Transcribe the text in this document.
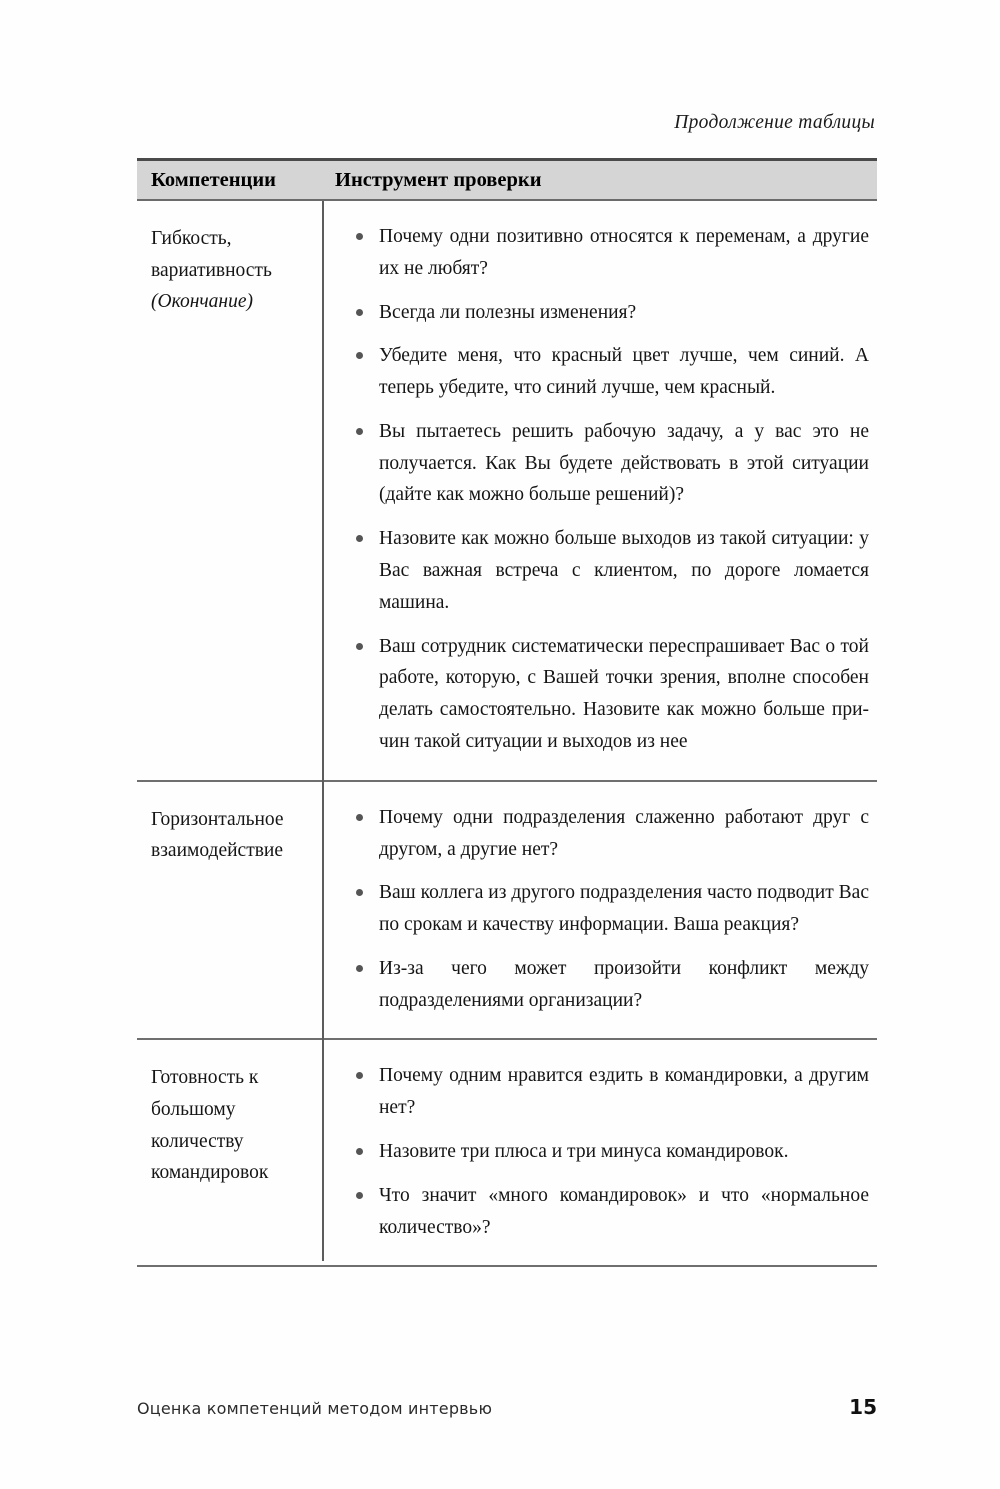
Продолжение таблицы
Компетенции	Инструмент проверки
Гибкость, вариативность
(Окончание)
Почему одни позитивно относятся к переменам, а другие их не любят?
Всегда ли полезны изменения?
Убедите меня, что красный цвет лучше, чем синий. А теперь убедите, что синий лучше, чем красный.
Вы пытаетесь решить рабочую задачу, а у вас это не получается. Как Вы будете действовать в этой ситуации (дайте как можно больше решений)?
Назовите как можно больше выходов из такой ситуации: у Вас важная встреча с клиентом, по дороге ломается машина.
Ваш сотрудник систематически переспрашивает Вас о той работе, которую, с Вашей точки зрения, вполне способен делать самостоятельно. Назовите как можно больше причин такой ситуации и выходов из нее
Горизонтальное взаимодействие
Почему одни подразделения слаженно работают друг с другом, а другие нет?
Ваш коллега из другого подразделения часто подводит Вас по срокам и качеству информации. Ваша реакция?
Из-за чего может произойти конфликт между подразделениями организации?
Готовность к большому количеству командировок
Почему одним нравится ездить в командировки, а другим нет?
Назовите три плюса и три минуса командировок.
Что значит «много командировок» и что «нормальное количество»?
Оценка компетенций методом интервью	15
